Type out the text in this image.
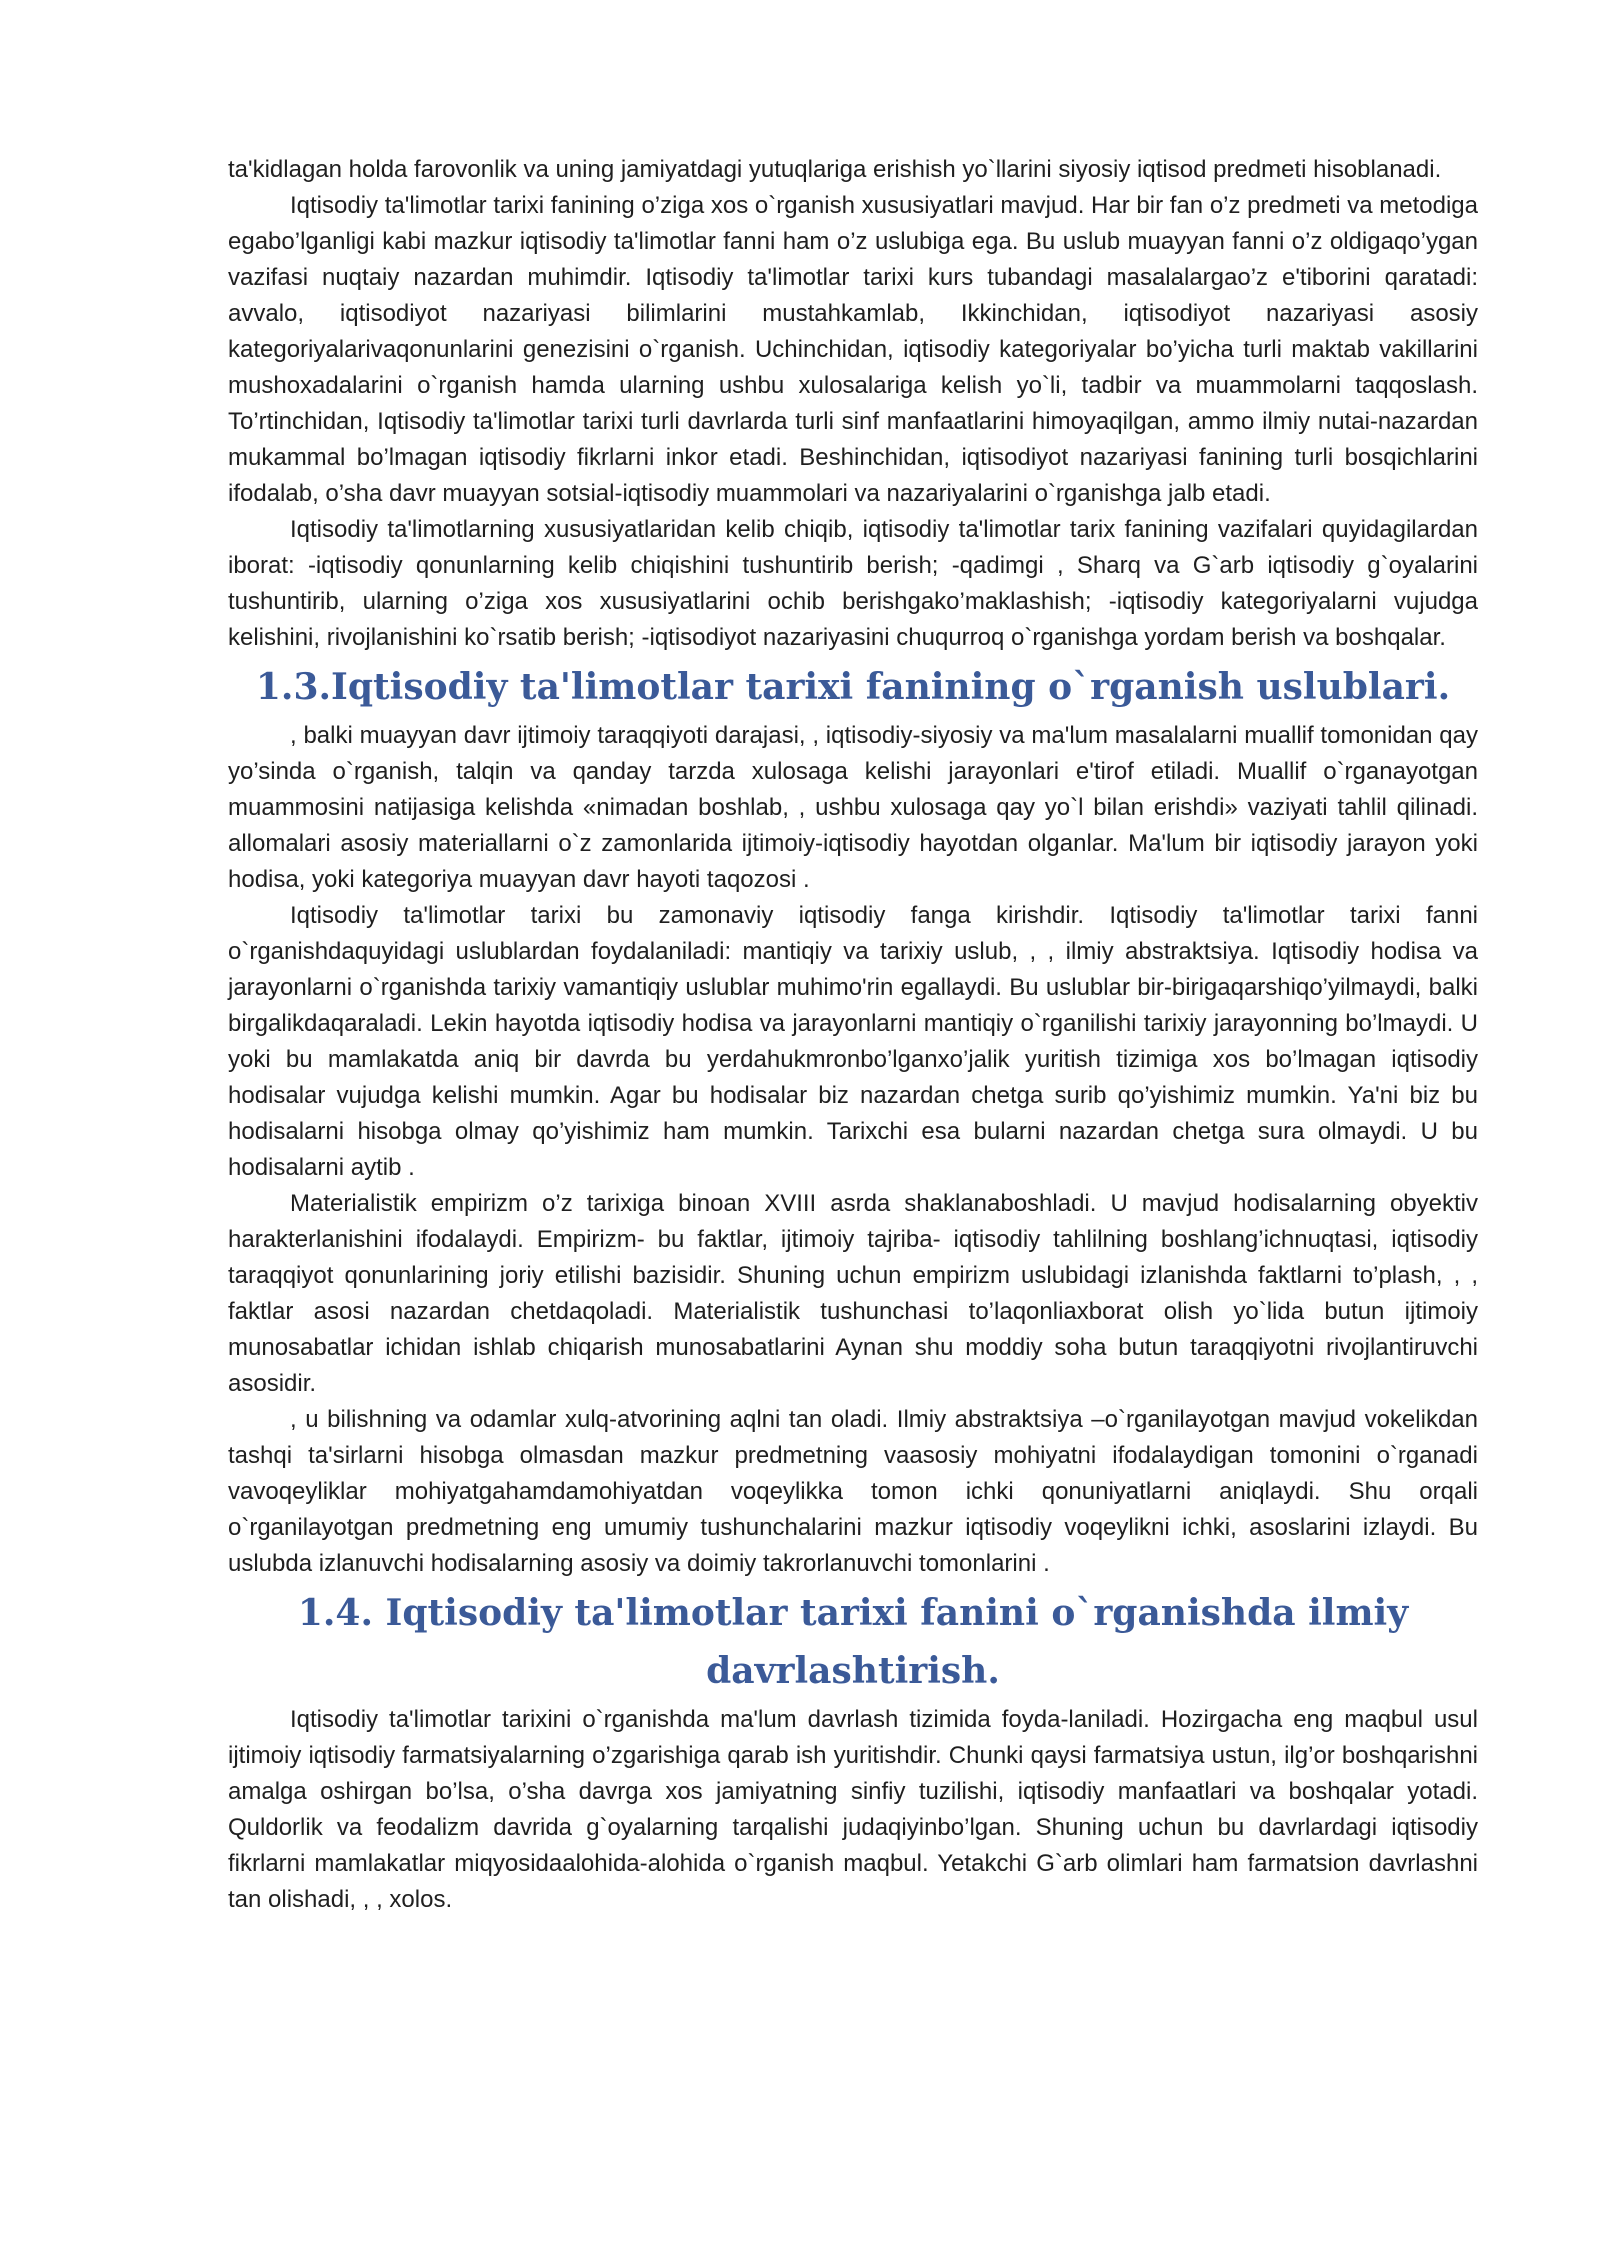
ta'kidlagan holda farovonlik va uning jamiyatdagi yutuqlariga erishish yo`llarini siyosiy iqtisod predmeti hisoblanadi.

Iqtisodiy ta'limotlar tarixi fanining o’ziga xos o`rganish xususiyatlari mavjud. Har bir fan o’z predmeti va metodiga egabo’lganligi kabi mazkur iqtisodiy ta'limotlar fanni ham o’z uslubiga ega. Bu uslub muayyan fanni o’z oldigaqo’ygan vazifasi nuqtaiy nazardan muhimdir. Iqtisodiy ta'limotlar tarixi kurs tubandagi masalalargao’z e'tiborini qaratadi: avvalo, iqtisodiyot nazariyasi bilimlarini mustahkamlab, Ikkinchidan, iqtisodiyot nazariyasi asosiy kategoriyalarivaqonunlarini genezisini o`rganish. Uchinchidan, iqtisodiy kategoriyalar bo’yicha turli maktab vakillarini mushoxadalarini o`rganish hamda ularning ushbu xulosalariga kelish yo`li, tadbir va muammolarni taqqoslash. To’rtinchidan, Iqtisodiy ta'limotlar tarixi turli davrlarda turli sinf manfaatlarini himoyaqilgan, ammo ilmiy nutai-nazardan mukammal bo’lmagan iqtisodiy fikrlarni inkor etadi. Beshinchidan, iqtisodiyot nazariyasi fanining turli bosqichlarini ifodalab, o’sha davr muayyan sotsial-iqtisodiy muammolari va nazariyalarini o`rganishga jalb etadi.

Iqtisodiy ta'limotlarning xususiyatlaridan kelib chiqib, iqtisodiy ta'limotlar tarix fanining vazifalari quyidagilardan iborat: -iqtisodiy qonunlarning kelib chiqishini tushuntirib berish; -qadimgi , Sharq va G`arb iqtisodiy g`oyalarini tushuntirib, ularning o’ziga xos xususiyatlarini ochib berishgako’maklashish; -iqtisodiy kategoriyalarni vujudga kelishini, rivojlanishini ko`rsatib berish; -iqtisodiyot nazariyasini chuqurroq o`rganishga yordam berish va boshqalar.

1.3.Iqtisodiy ta'limotlar tarixi fanining o`rganish uslublari.

, balki muayyan davr ijtimoiy taraqqiyoti darajasi, , iqtisodiy-siyosiy va ma'lum masalalarni muallif tomonidan qay yo’sinda o`rganish, talqin va qanday tarzda xulosaga kelishi jarayonlari e'tirof etiladi. Muallif o`rganayotgan muammosini natijasiga kelishda «nimadan boshlab, , ushbu xulosaga qay yo`l bilan erishdi» vaziyati tahlil qilinadi. allomalari asosiy materiallarni o`z zamonlarida ijtimoiy-iqtisodiy hayotdan olganlar. Ma'lum bir iqtisodiy jarayon yoki hodisa, yoki kategoriya muayyan davr hayoti taqozosi .

Iqtisodiy ta'limotlar tarixi bu zamonaviy iqtisodiy fanga kirishdir. Iqtisodiy ta'limotlar tarixi fanni o`rganishdaquyidagi uslublardan foydalaniladi: mantiqiy va tarixiy uslub, , , ilmiy abstraktsiya. Iqtisodiy hodisa va jarayonlarni o`rganishda tarixiy vamantiqiy uslublar muhimo'rin egallaydi. Bu uslublar bir-birigaqarshiqo’yilmaydi, balki birgalikdaqaraladi. Lekin hayotda iqtisodiy hodisa va jarayonlarni mantiqiy o`rganilishi tarixiy jarayonning bo’lmaydi. U yoki bu mamlakatda aniq bir davrda bu yerdahukmronbo’lganxo’jalik yuritish tizimiga xos bo’lmagan iqtisodiy hodisalar vujudga kelishi mumkin. Agar bu hodisalar biz nazardan chetga surib qo’yishimiz mumkin. Ya'ni biz bu hodisalarni hisobga olmay qo’yishimiz ham mumkin. Tarixchi esa bularni nazardan chetga sura olmaydi. U bu hodisalarni aytib .

Materialistik empirizm o’z tarixiga binoan XVIII asrda shaklanaboshladi. U mavjud hodisalarning obyektiv harakterlanishini ifodalaydi. Empirizm- bu faktlar, ijtimoiy tajriba- iqtisodiy tahlilning boshlang’ichnuqtasi, iqtisodiy taraqqiyot qonunlarining joriy etilishi bazisidir. Shuning uchun empirizm uslubidagi izlanishda faktlarni to’plash, , , faktlar asosi nazardan chetdaqoladi. Materialistik tushunchasi to’laqonliaxborat olish yo`lida butun ijtimoiy munosabatlar ichidan ishlab chiqarish munosabatlarini Aynan shu moddiy soha butun taraqqiyotni rivojlantiruvchi asosidir.

, u bilishning va odamlar xulq-atvorining aqlni tan oladi. Ilmiy abstraktsiya –o`rganilayotgan mavjud vokelikdan tashqi ta'sirlarni hisobga olmasdan mazkur predmetning vaasosiy mohiyatni ifodalaydigan tomonini o`rganadi vavoqeyliklar mohiyatgahamdamohiyatdan voqeylikka tomon ichki qonuniyatlarni aniqlaydi. Shu orqali o`rganilayotgan predmetning eng umumiy tushunchalarini mazkur iqtisodiy voqeylikni ichki, asoslarini izlaydi. Bu uslubda izlanuvchi hodisalarning asosiy va doimiy takrorlanuvchi tomonlarini .

1.4. Iqtisodiy ta'limotlar tarixi fanini o`rganishda ilmiy davrlashtirish.

Iqtisodiy ta'limotlar tarixini o`rganishda ma'lum davrlash tizimida foyda-laniladi. Hozirgacha eng maqbul usul ijtimoiy iqtisodiy farmatsiyalarning o’zgarishiga qarab ish yuritishdir. Chunki qaysi farmatsiya ustun, ilg’or boshqarishni amalga oshirgan bo’lsa, o’sha davrga xos jamiyatning sinfiy tuzilishi, iqtisodiy manfaatlari va boshqalar yotadi. Quldorlik va feodalizm davrida g`oyalarning tarqalishi judaqiyinbo’lgan. Shuning uchun bu davrlardagi iqtisodiy fikrlarni mamlakatlar miqyosidaalohida-alohida o`rganish maqbul. Yetakchi G`arb olimlari ham farmatsion davrlashni tan olishadi, , , xolos.
